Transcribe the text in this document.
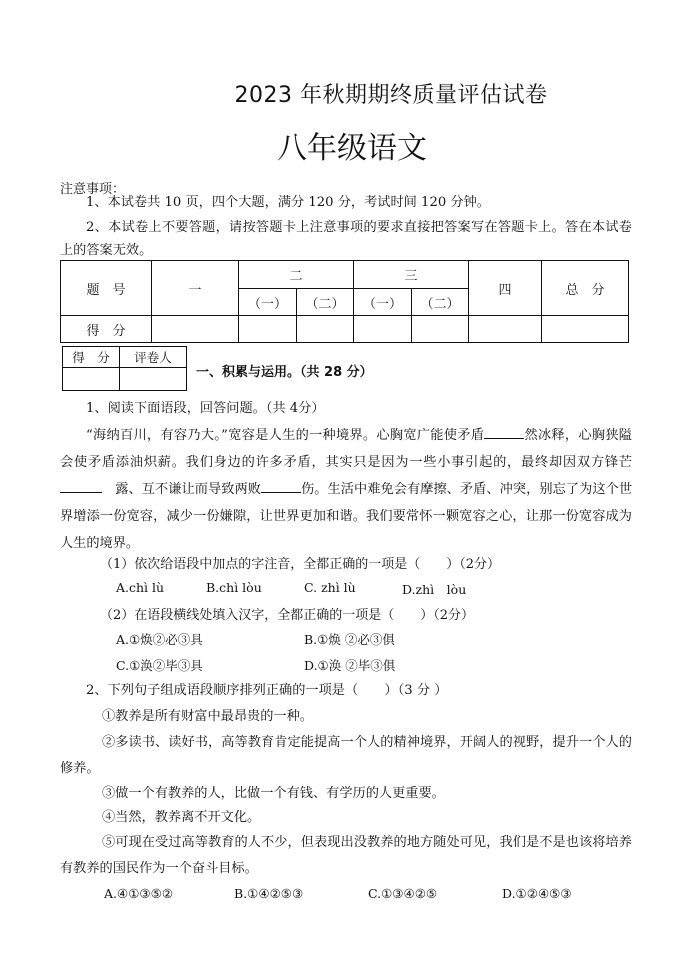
2023 年秋期期终质量评估试卷
八年级语文
注意事项：
1、本试卷共 10 页，四个大题，满分 120 分，考试时间 120 分钟。
2、本试卷上不要答题，请按答题卡上注意事项的要求直接把答案写在答题卡上。答在本试卷上的答案无效。
题　号	一	二		三		四	总　分
		（一）	（二）	（一）	（二）		
得　分							
得　分	评卷人

一、积累与运用。（共 28 分）
1、阅读下面语段，回答问题。（共 4分）
“海纳百川，有容乃大。”宽容是人生的一种境界。心胸宽广能使矛盾	然冰释，心胸狭隘会使矛盾添油炽薪。我们身边的许多矛盾，其实只是因为一些小事引起的，最终却因双方锋芒　露、互不谦让而导致两败	伤。生活中难免会有摩擦、矛盾、冲突，别忘了为这个世界增添一份宽容，减少一份嫌隙，让世界更加和谐。我们要常怀一颗宽容之心，让那一份宽容成为人生的境界。
（1）依次给语段中加点的字注音，全都正确的一项是（　　）（2分）
A.chì lù	B.chì lòu	C. zhì lù	D.zhì　lòu
（2）在语段横线处填入汉字，全都正确的一项是（　　）（2分）
A.①焕②必③具	B.①焕 ②必③俱
C.①涣②毕③具	D.①涣 ②毕③俱
2、下列句子组成语段顺序排列正确的一项是（　　）（3 分 ）
①教养是所有财富中最昂贵的一种。
②多读书、读好书，高等教育肯定能提高一个人的精神境界，开阔人的视野，提升一个人的修养。
③做一个有教养的人，比做一个有钱、有学历的人更重要。
④当然，教养离不开文化。
⑤可现在受过高等教育的人不少，但表现出没教养的地方随处可见，我们是不是也该将培养有教养的国民作为一个奋斗目标。
A.④①③⑤②	B.①④②⑤③	C.①③④②⑤	D.①②④⑤③
